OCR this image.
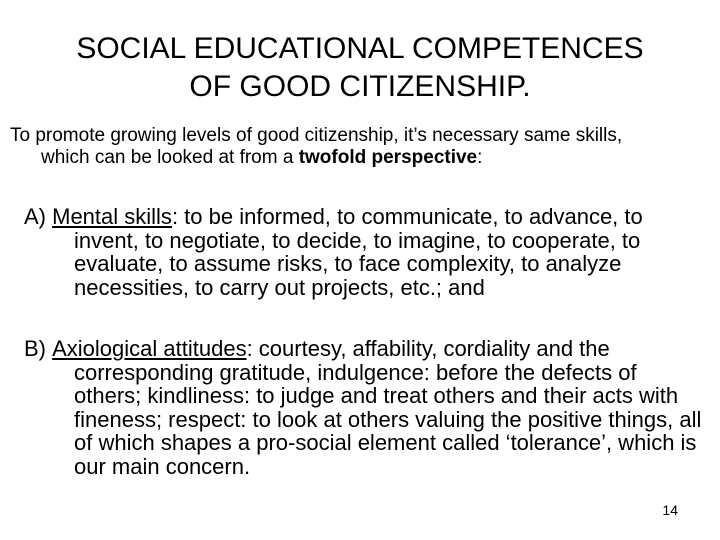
SOCIAL EDUCATIONAL COMPETENCES
OF GOOD CITIZENSHIP.
To promote growing levels of good citizenship, it’s necessary same skills, which can be looked at from a twofold perspective:
A) Mental skills: to be informed, to communicate, to advance, to invent, to negotiate, to decide, to imagine, to cooperate, to evaluate, to assume risks, to face complexity, to analyze necessities, to carry out projects, etc.; and
B) Axiological attitudes: courtesy, affability, cordiality and the corresponding gratitude, indulgence: before the defects of others; kindliness: to judge and treat others and their acts with fineness; respect: to look at others valuing the positive things, all of which shapes a pro-social element called ‘tolerance’, which is our main concern.
14
